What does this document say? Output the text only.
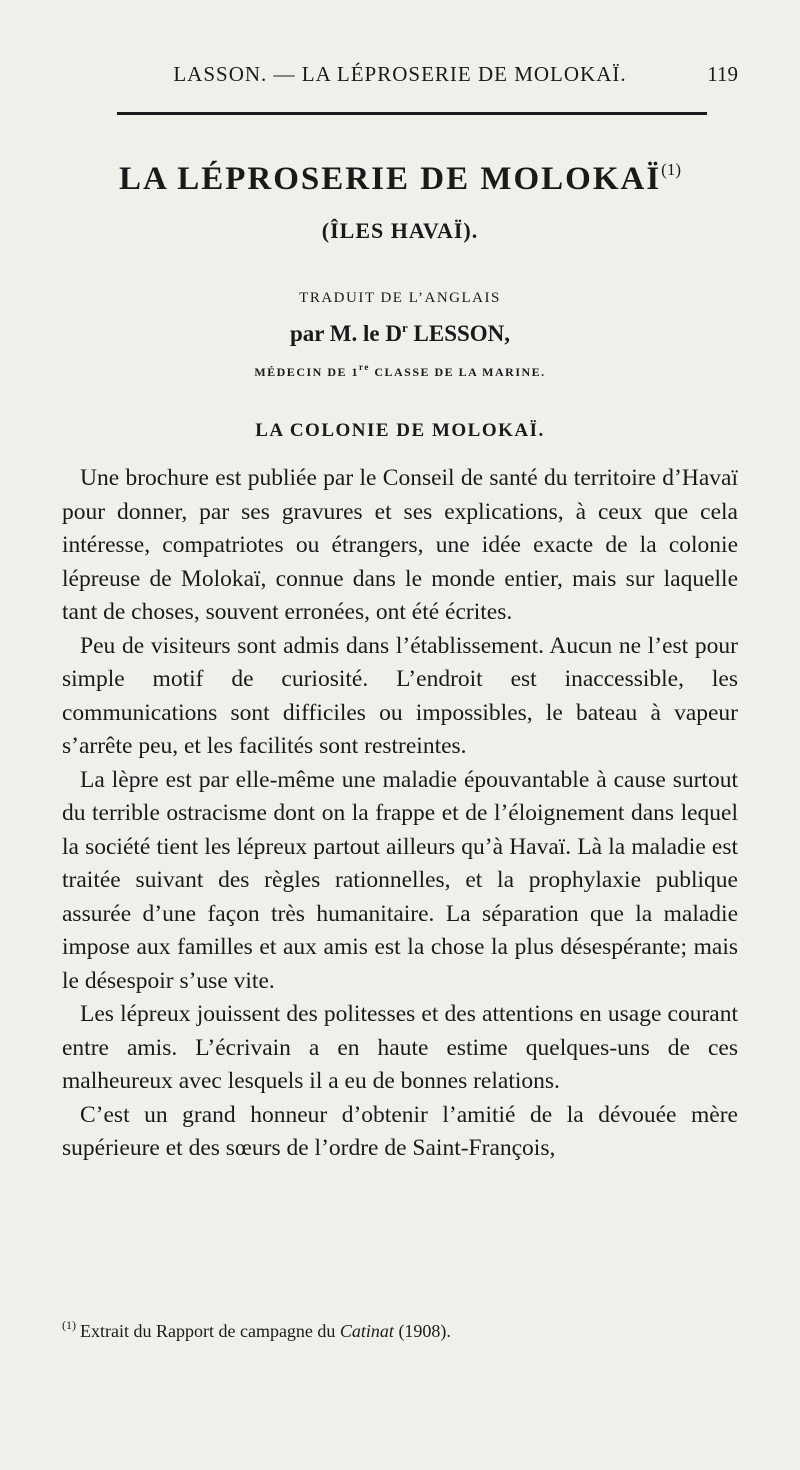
LASSON. — LA LÉPROSERIE DE MOLOKAÏ.	119
LA LÉPROSERIE DE MOLOKAÏ$^{(1)}$
(ÎLES HAVAÏ).
TRADUIT DE L’ANGLAIS
par M. le $D^r$ LESSON,
MÉDECIN DE 1re CLASSE DE LA MARINE.
LA COLONIE DE MOLOKAÏ.

Une brochure est publiée par le Conseil de santé du territoire d’Havaï pour donner, par ses gravures et ses explications, à ceux que cela intéresse, compatriotes ou étrangers, une idée exacte de la colonie lépreuse de Molokaï, connue dans le monde entier, mais sur laquelle tant de choses, souvent erronées, ont été écrites.

Peu de visiteurs sont admis dans l’établissement. Aucun ne l’est pour simple motif de curiosité. L’endroit est inaccessible, les communications sont difficiles ou impossibles, le bateau à vapeur s’arrête peu, et les facilités sont restreintes.

La lèpre est par elle-même une maladie épouvantable à cause surtout du terrible ostracisme dont on la frappe et de l’éloignement dans lequel la société tient les lépreux partout ailleurs qu’à Havaï. Là la maladie est traitée suivant des règles rationnelles, et la prophylaxie publique assurée d’une façon très humanitaire. La séparation que la maladie impose aux familles et aux amis est la chose la plus désespérante; mais le désespoir s’use vite.

Les lépreux jouissent des politesses et des attentions en usage courant entre amis. L’écrivain a en haute estime quelques-uns de ces malheureux avec lesquels il a eu de bonnes relations.

C’est un grand honneur d’obtenir l’amitié de la dévouée mère supérieure et des sœurs de l’ordre de Saint-François,

$^{(1)}$ Extrait du Rapport de campagne du Catinat (1908).
